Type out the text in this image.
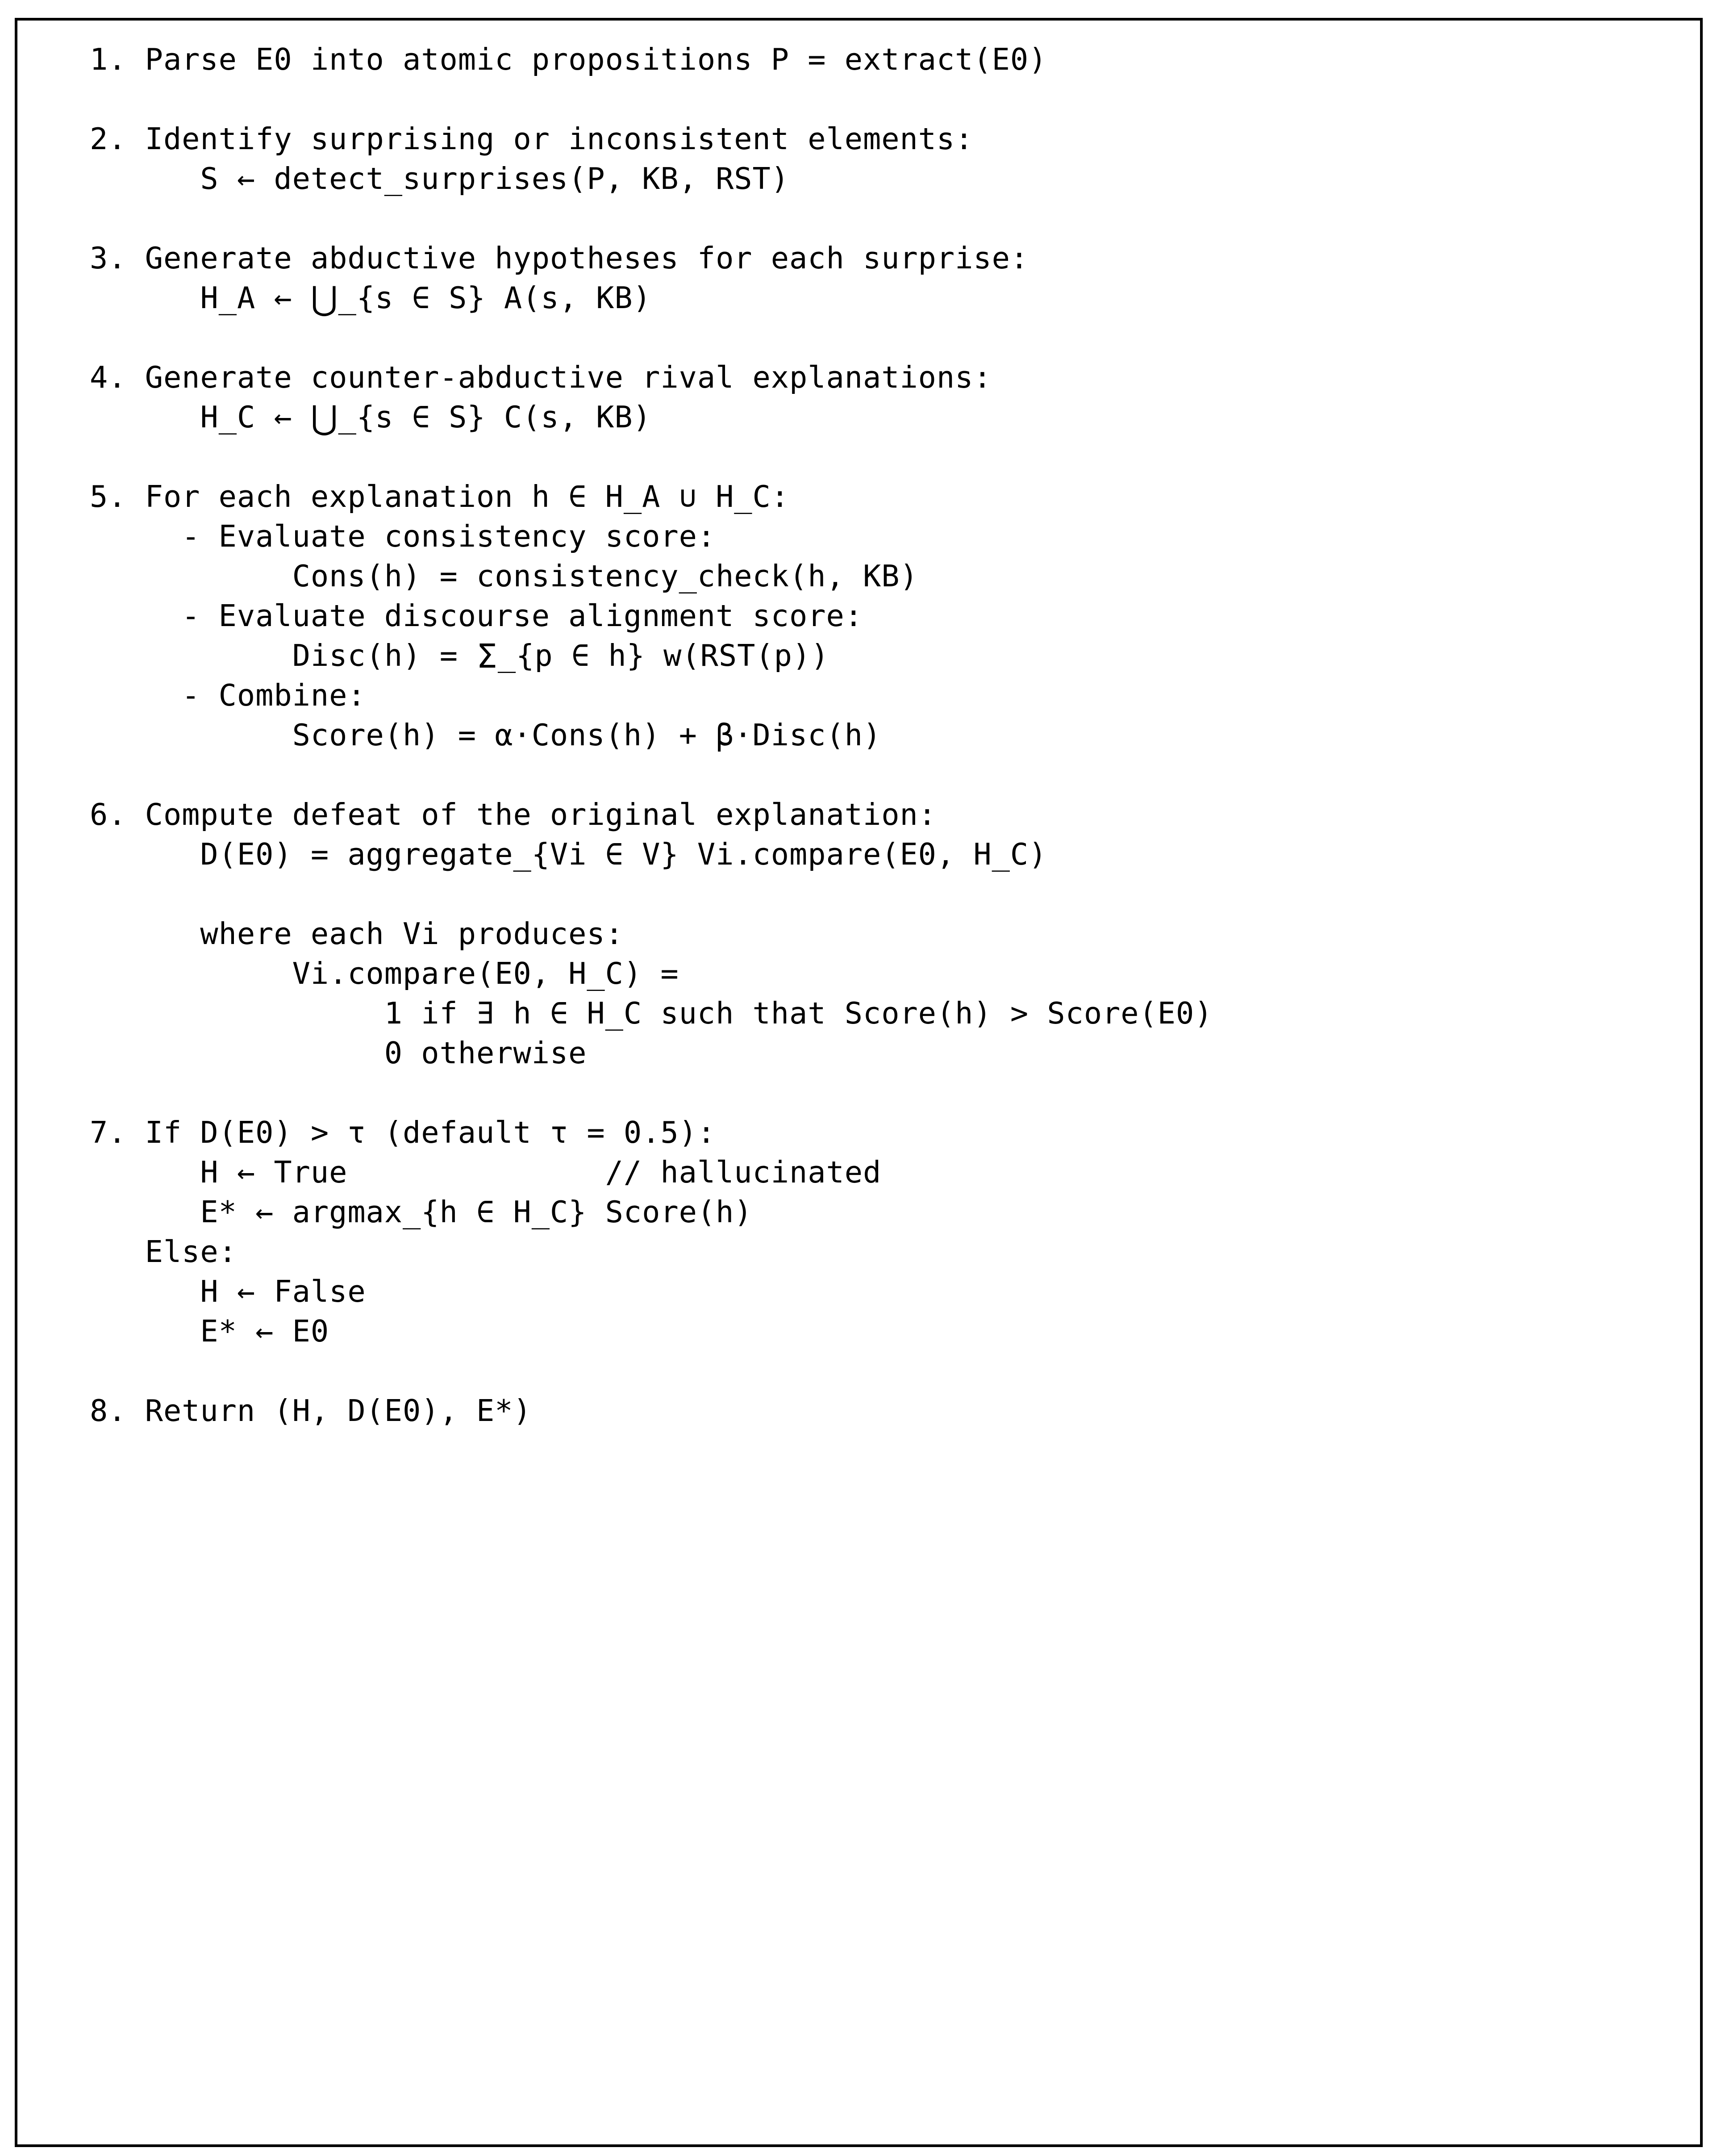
1. Parse E0 into atomic propositions P = extract(E0)
2. Identify surprising or inconsistent elements:
S ← detect_surprises(P, KB, RST)
3. Generate abductive hypotheses for each surprise:
H_A ← ⋃_{s ∈ S} A(s, KB)
4. Generate counter-abductive rival explanations:
H_C ← ⋃_{s ∈ S} C(s, KB)
5. For each explanation h ∈ H_A ∪ H_C:
- Evaluate consistency score:
Cons(h) = consistency_check(h, KB)
- Evaluate discourse alignment score:
Disc(h) = Σ_{p ∈ h} w(RST(p))
- Combine:
Score(h) = α·Cons(h) + β·Disc(h)
6. Compute defeat of the original explanation:
D(E0) = aggregate_{Vi ∈ V} Vi.compare(E0, H_C)
where each Vi produces:
Vi.compare(E0, H_C) =
1 if ∃ h ∈ H_C such that Score(h) > Score(E0)
0 otherwise
7. If D(E0) > τ (default τ = 0.5):
H ← True              // hallucinated
E* ← argmax_{h ∈ H_C} Score(h)
Else:
H ← False
E* ← E0
8. Return (H, D(E0), E*)
